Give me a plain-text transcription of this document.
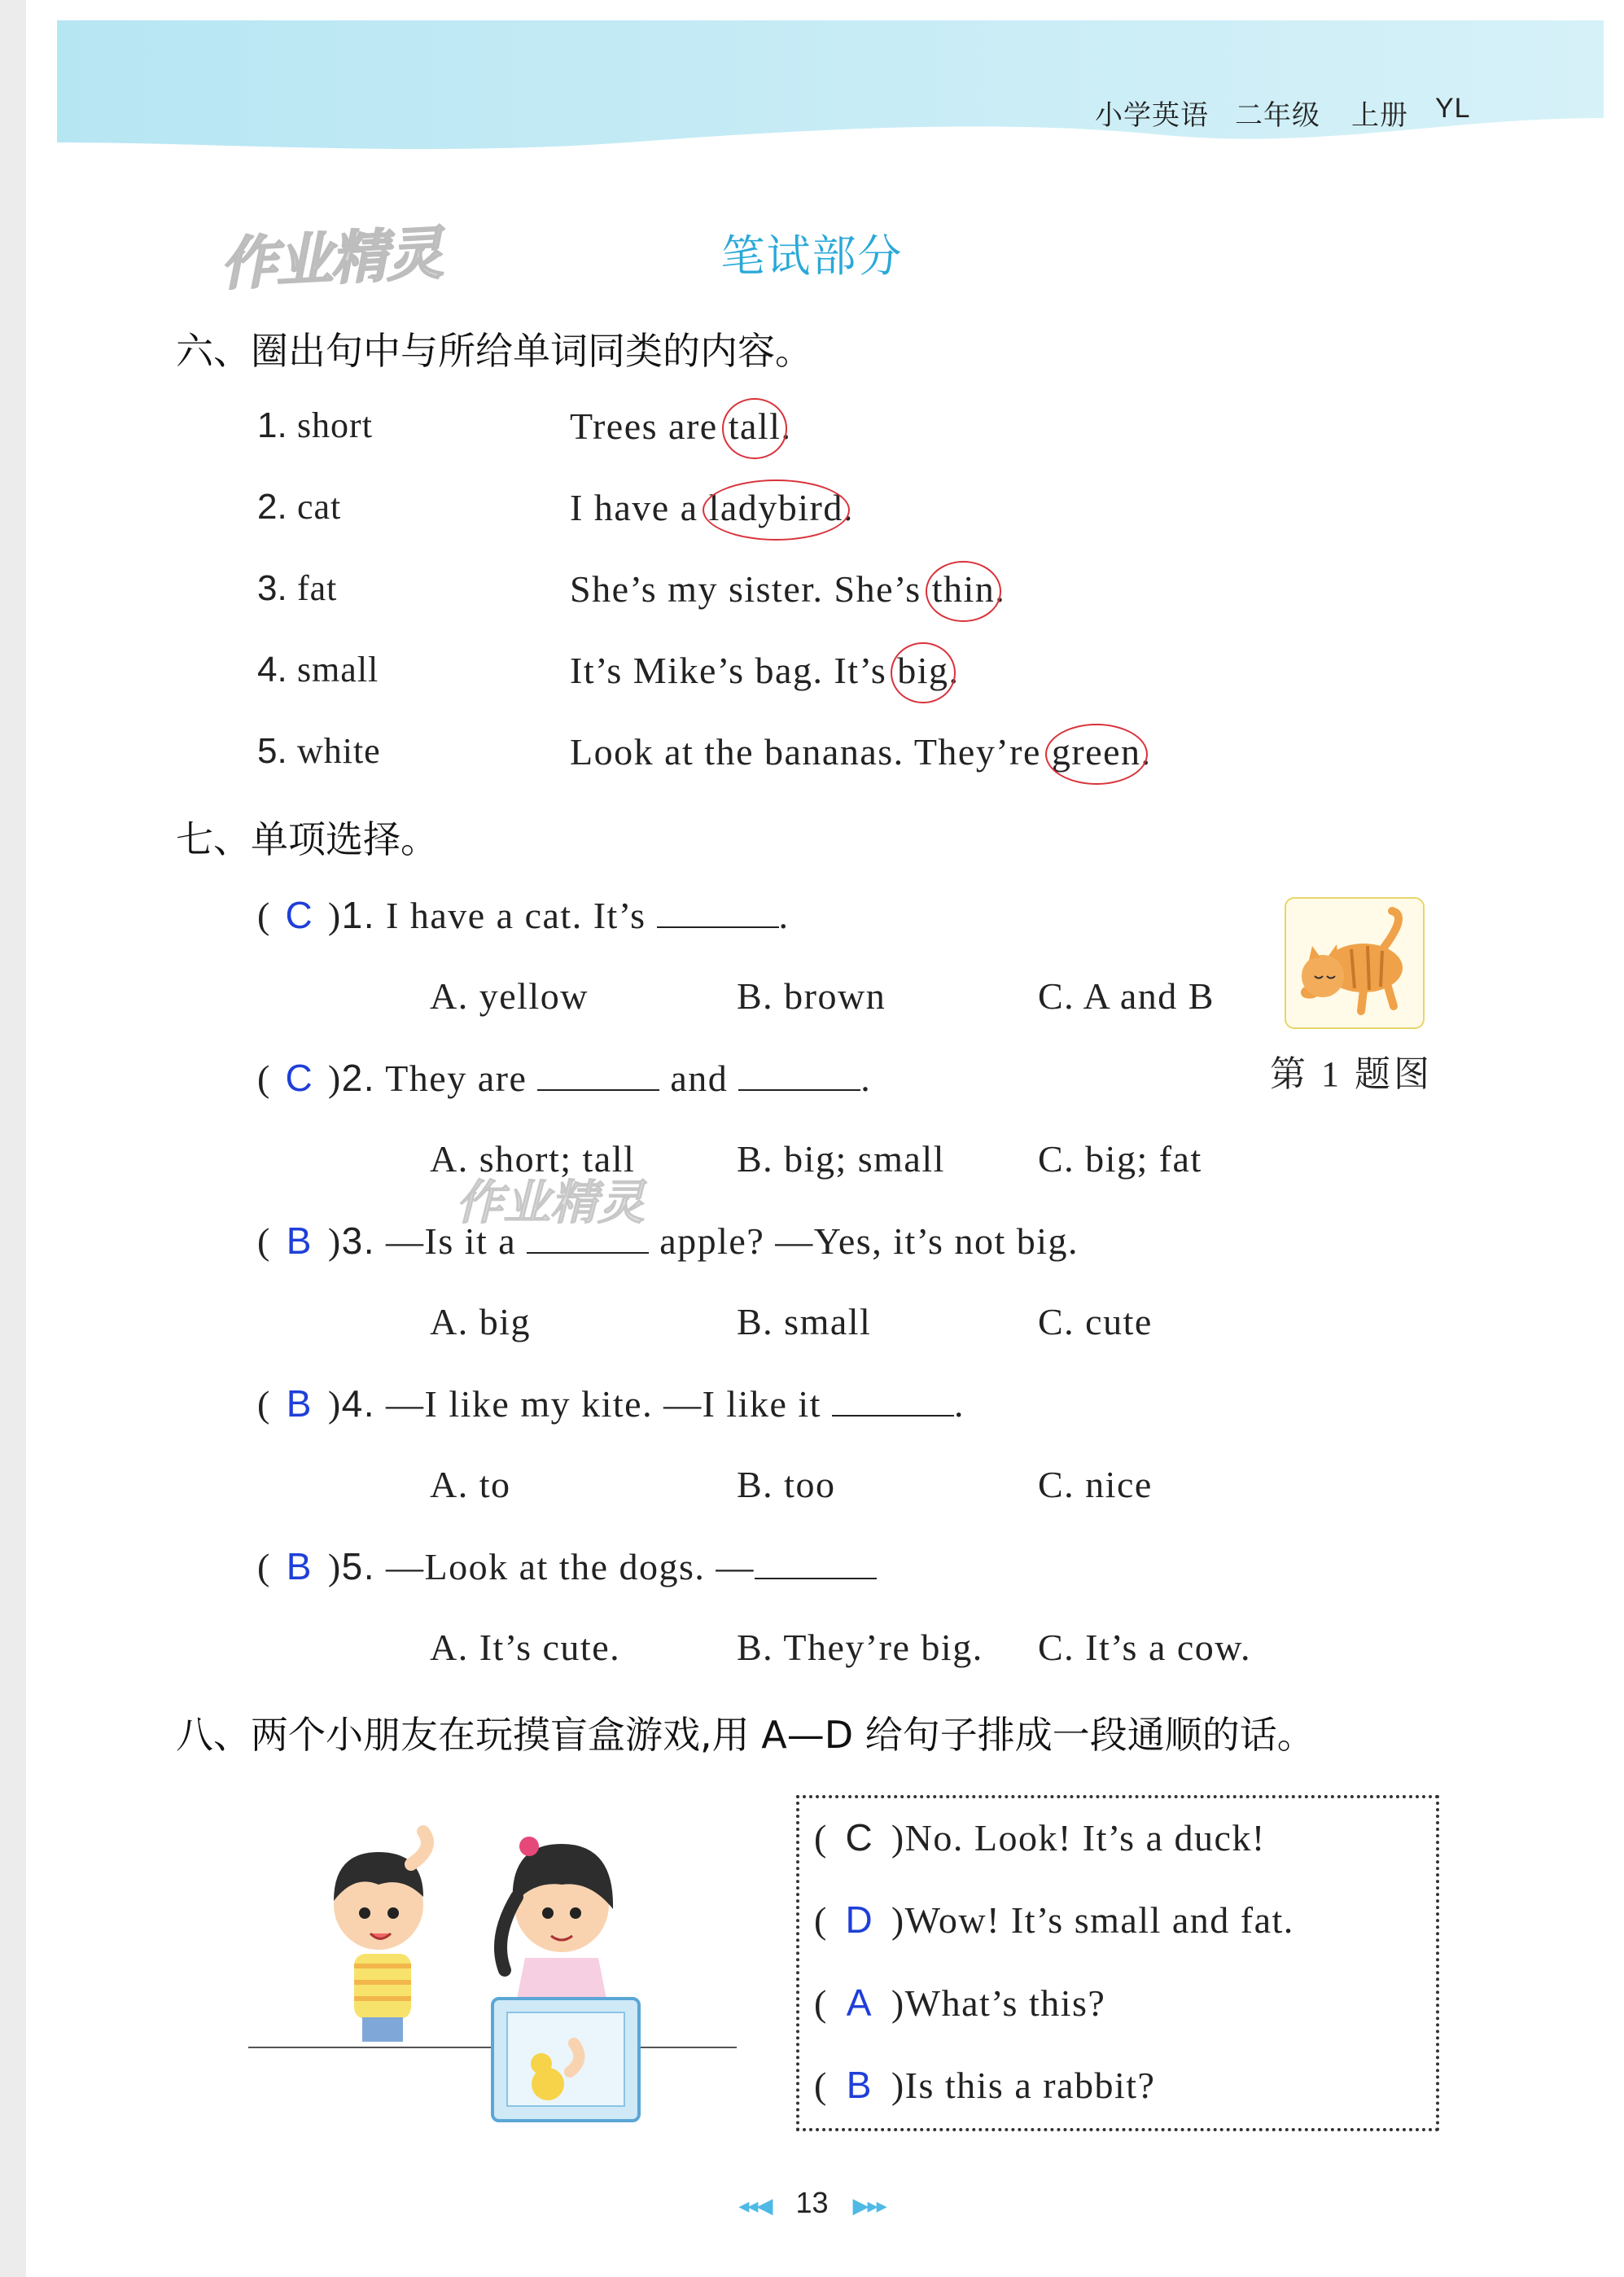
小学英语 二年级 上册 YL
作业精灵	笔试部分
六、圈出句中与所给单词同类的内容。
1. short	Trees are tall.
2. cat	I have a ladybird.
3. fat	She’s my sister. She’s thin.
4. small	It’s Mike’s bag. It’s big.
5. white	Look at the bananas. They’re green.
七、单项选择。
( C )1. I have a cat. It’s	.
A. yellow	B. brown	C. A and B
第 1 题图
( C )2. They are	and	.
A. short; tall	B. big; small C. big; fat
作业精灵
( B )3. —Is it a	apple? —Yes, it’s not big.
A. big	B. small	C. cute
( B )4. —I like my kite. —I like it	.
A. to	B. too	C. nice
( B )5. —Look at the dogs. —
A. It’s cute.	B. They’re big. C. It’s a cow.
八、两个小朋友在玩摸盲盒游戏,用 A—D 给句子排成一段通顺的话。
( C )No. Look! It’s a duck!
( D )Wow! It’s small and fat.
( A )What’s this?
( B )Is this a rabbit?
◂◂◀ 13 ▶▸▸
